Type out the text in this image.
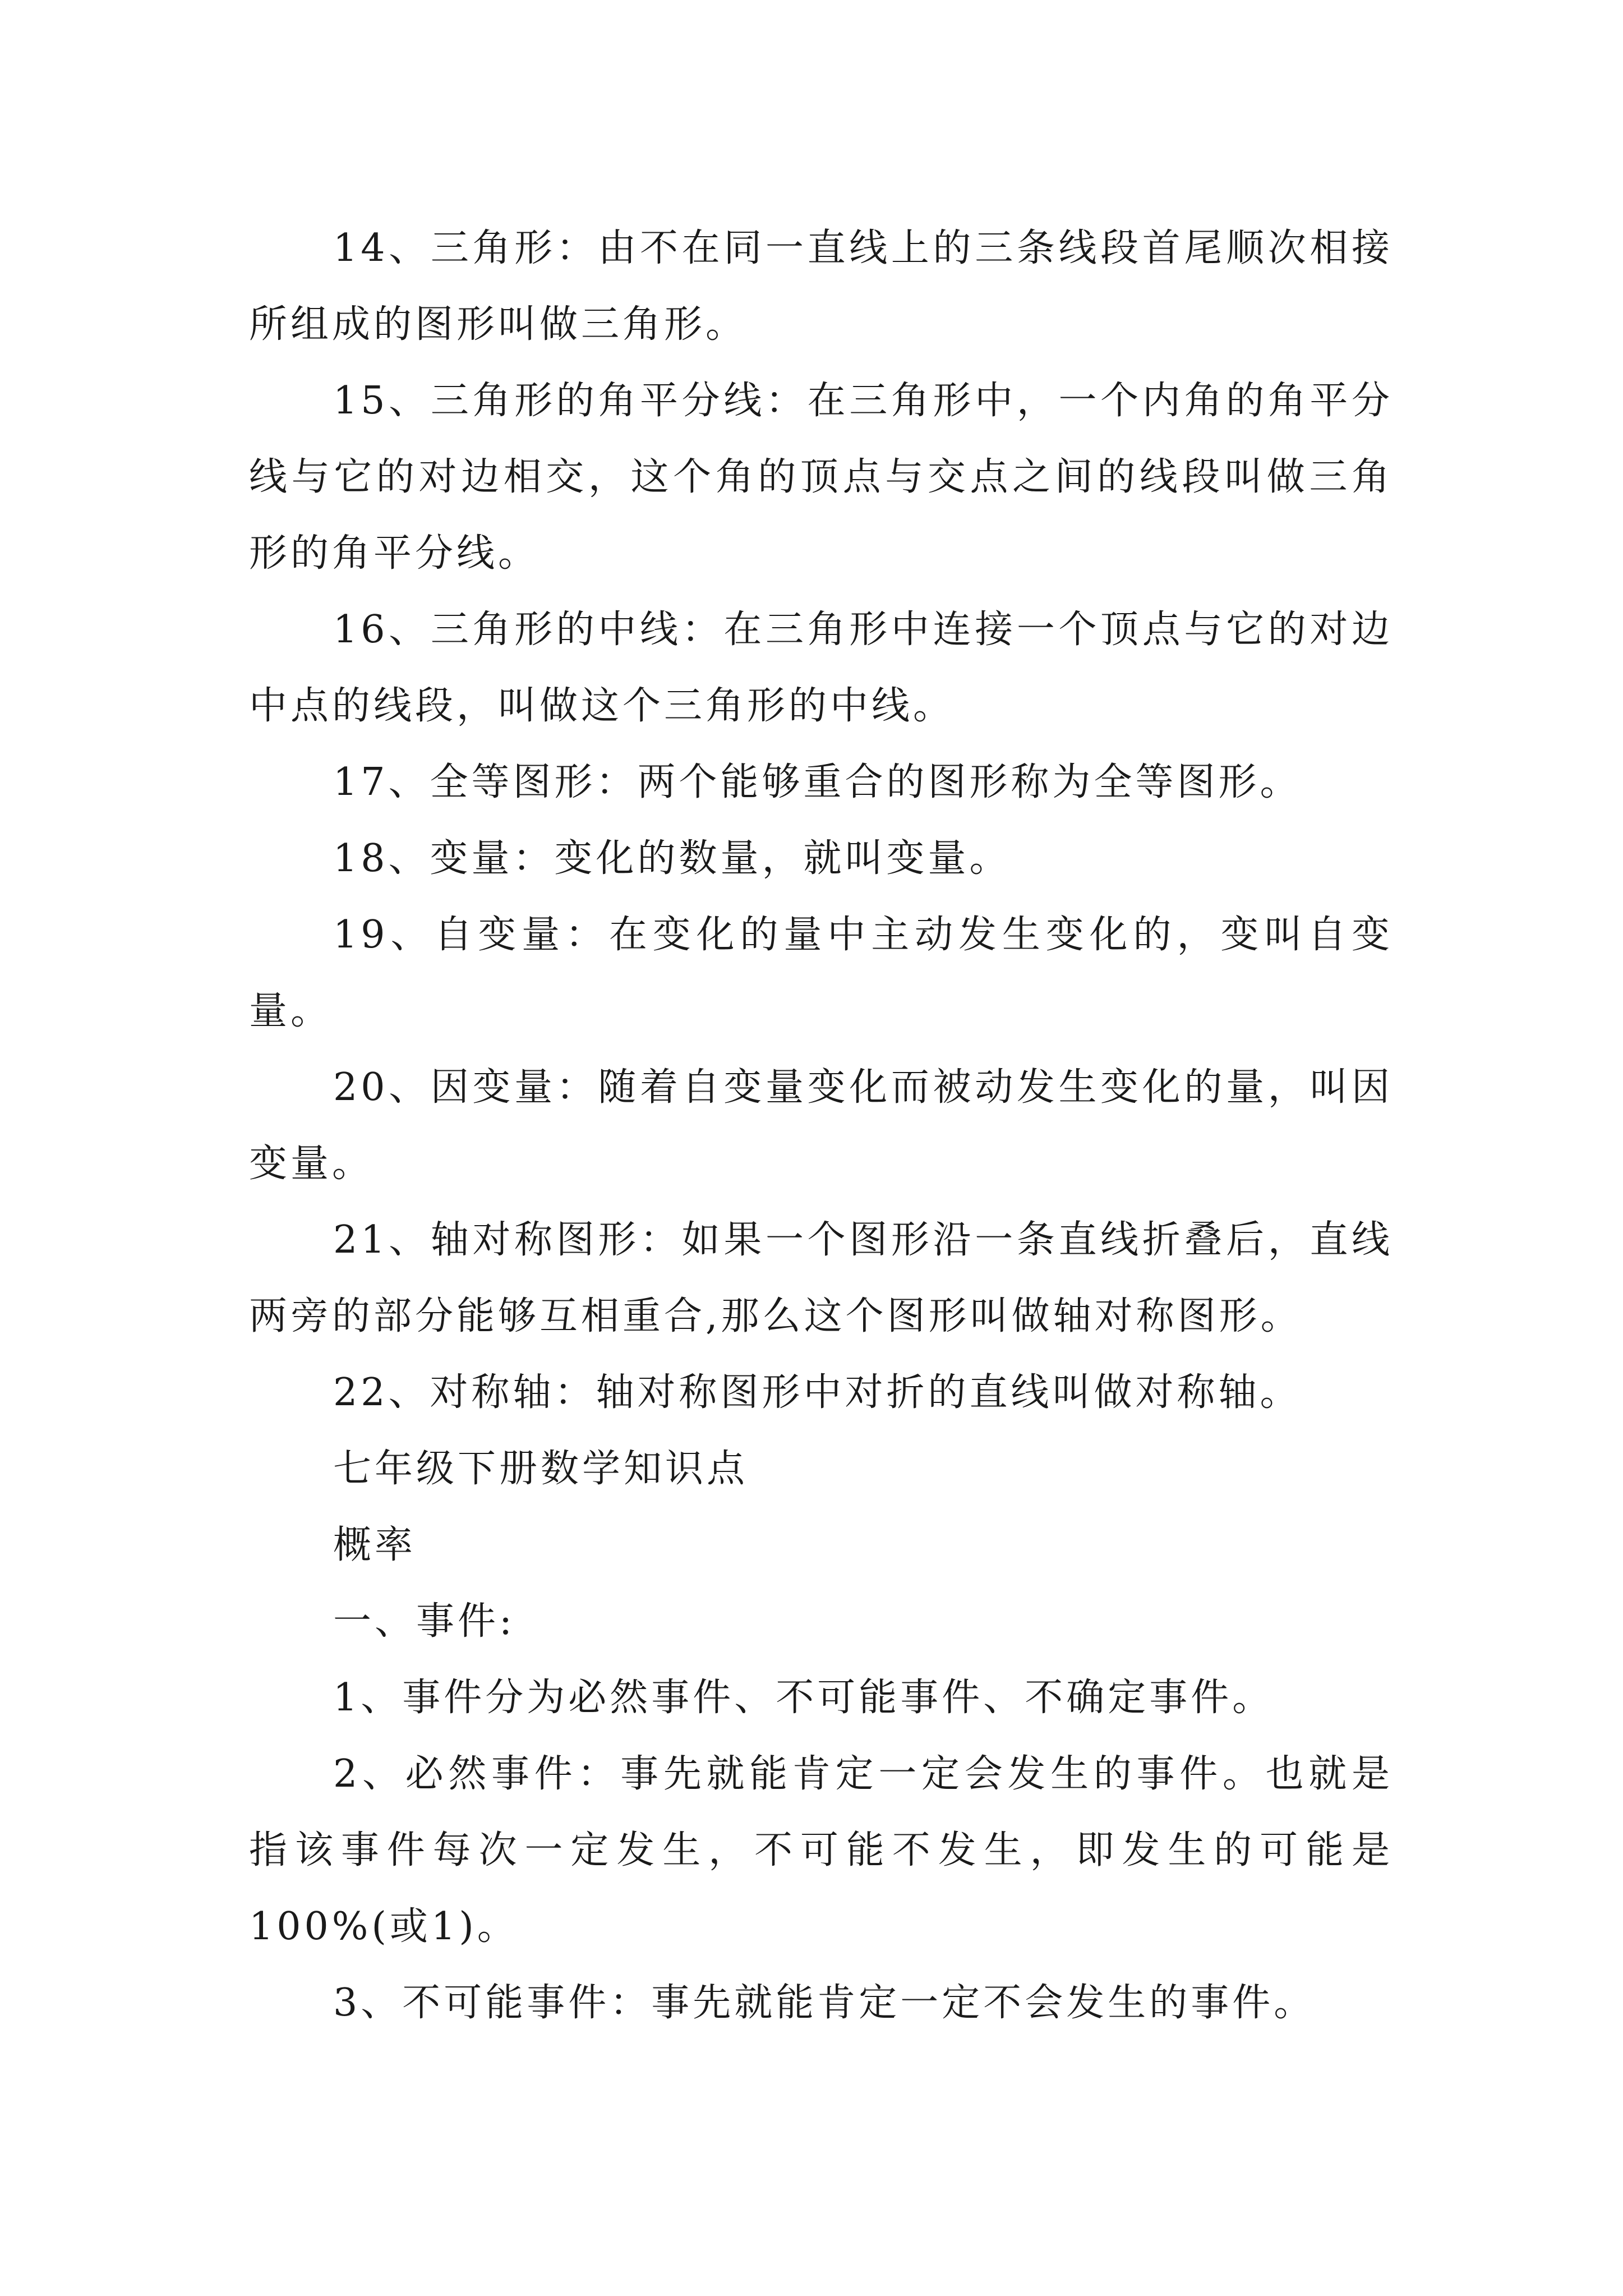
14、三角形：由不在同一直线上的三条线段首尾顺次相接所组成的图形叫做三角形。

15、三角形的角平分线：在三角形中，一个内角的角平分线与它的对边相交，这个角的顶点与交点之间的线段叫做三角形的角平分线。

16、三角形的中线：在三角形中连接一个顶点与它的对边中点的线段，叫做这个三角形的中线。

17、全等图形：两个能够重合的图形称为全等图形。

18、变量：变化的数量，就叫变量。

19、自变量：在变化的量中主动发生变化的，变叫自变量。

20、因变量：随着自变量变化而被动发生变化的量，叫因变量。

21、轴对称图形：如果一个图形沿一条直线折叠后，直线两旁的部分能够互相重合,那么这个图形叫做轴对称图形。

22、对称轴：轴对称图形中对折的直线叫做对称轴。

七年级下册数学知识点

概率

一、事件:

1、事件分为必然事件、不可能事件、不确定事件。

2、必然事件：事先就能肯定一定会发生的事件。也就是指该事件每次一定发生，不可能不发生，即发生的可能是100%(或1)。

3、不可能事件：事先就能肯定一定不会发生的事件。
